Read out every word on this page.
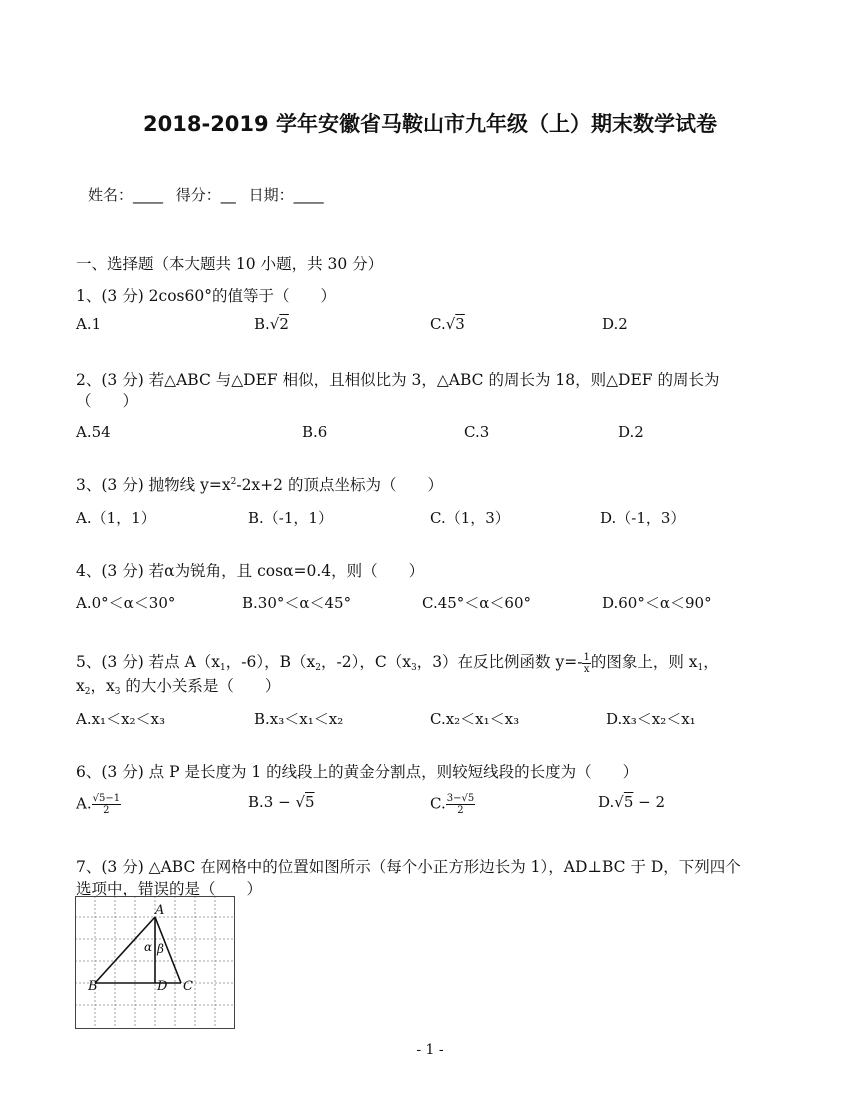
2018-2019 学年安徽省马鞍山市九年级（上）期末数学试卷
姓名：____ 得分：__ 日期：____
一、选择题（本大题共 10 小题，共 30 分）
1、(3 分) 2cos60°的值等于（　　）
A.1	B.√2	C.√3	D.2
2、(3 分) 若△ABC 与△DEF 相似，且相似比为 3，△ABC 的周长为 18，则△DEF 的周长为
（　　）
A.54	B.6	C.3	D.2
3、(3 分) 抛物线 $y=x^2-2x+2$ 的顶点坐标为（　　）
A.（1，1）	B.（-1，1）	C.（1，3）	D.（-1，3）
4、(3 分) 若α为锐角，且 cosα=0.4，则（　　）
A.0°＜α＜30°	B.30°＜α＜45°	C.45°＜α＜60°	D.60°＜α＜90°
5、(3 分) 若点 $A(x_1$，-6），$B(x_2$，-2），$C(x_3$，3）在反比例函数 $y=- \frac{1}{x}$ 的图象上，则 $x_1$，
$x_2$，$x_3$ 的大小关系是（　　）
A.x₁＜x₂＜x₃	B.x₃＜x₁＜x₂	C.x₂＜x₁＜x₃	D.x₃＜x₂＜x₁
6、(3 分) 点 P 是长度为 1 的线段上的黄金分割点，则较短线段的长度为（　　）
A. $\frac{√5-1}{2}$	B.3 − √5	C. $\frac{3-√5}{2}$	D.√5 − 2
7、(3 分) △ABC 在网格中的位置如图所示（每个小正方形边长为 1），AD⊥BC 于 D，下列四个
选项中，错误的是（　　）
A
B	D C
α β
- 1 -
